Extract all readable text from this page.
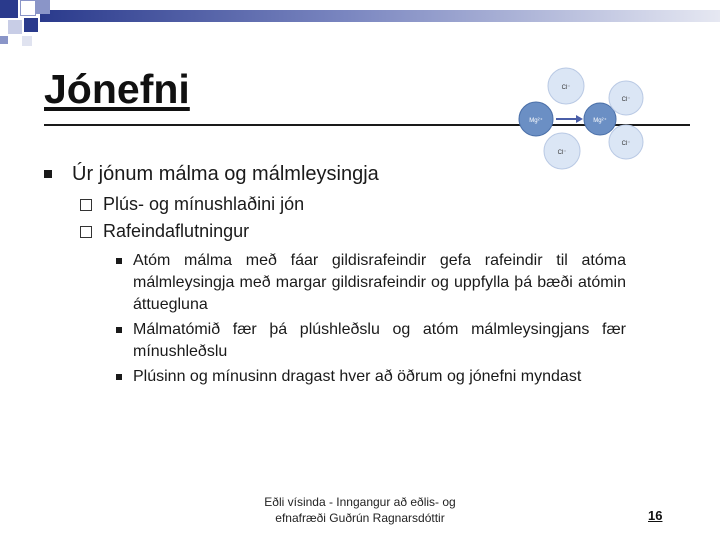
Jónefni	Cl⁻
Mg²⁺
Cl⁻
Mg²⁺
Cl⁻
Cl⁻
Úr jónum málma og málmleysingja
Plús- og mínushlaðini jón
Rafeindaflutningur
Atóm málma með fáar gildisrafeindir gefa rafeindir til atóma málmleysingja með margar gildisrafeindir og uppfylla þá bæði atómin áttuegluna
Málmatómið fær þá plúshleðslu og atóm málmleysingjans fær mínushleðslu
Plúsinn og mínusinn dragast hver að öðrum og jónefni myndast
Eðli vísinda - Inngangur að eðlis- og
efnafræði Guðrún Ragnarsdóttir	16
